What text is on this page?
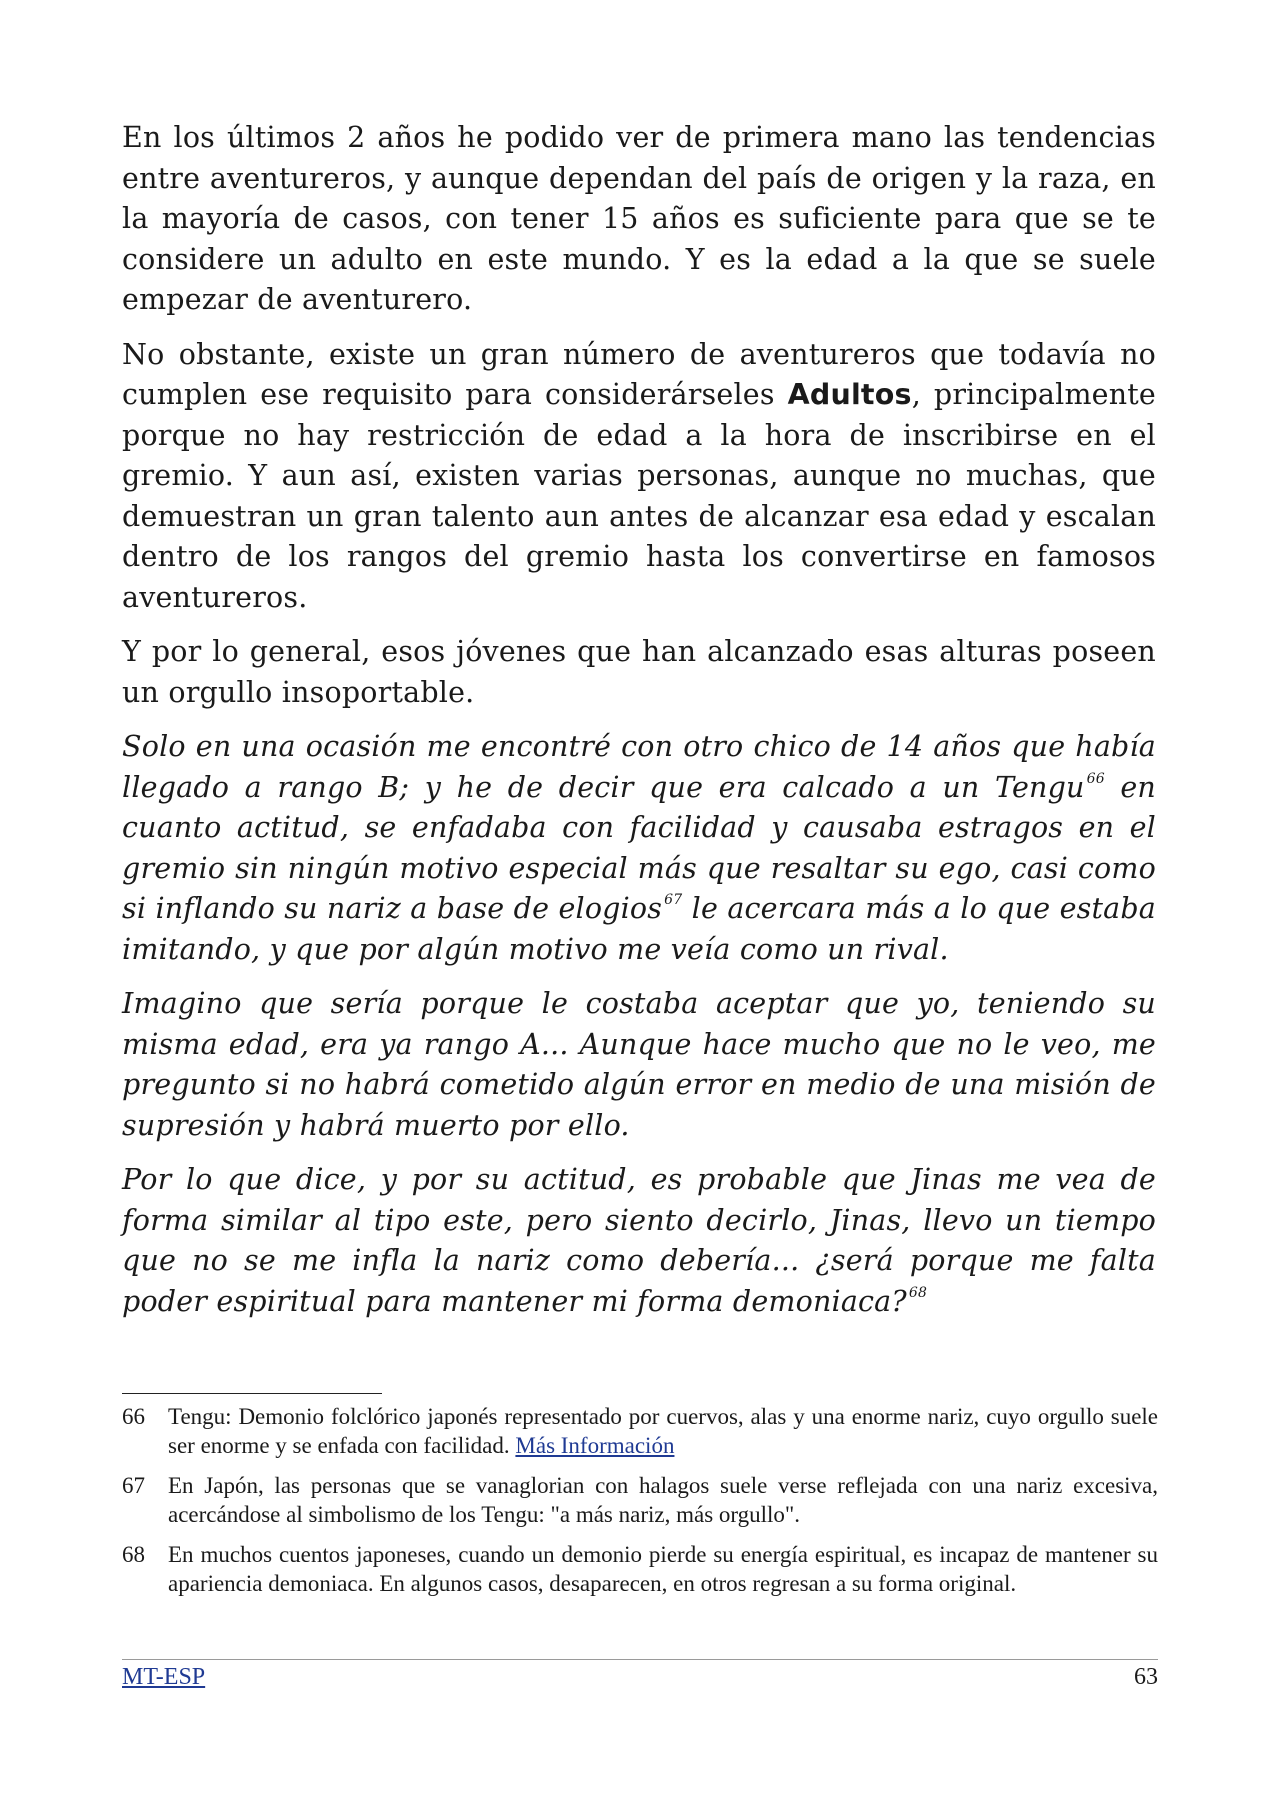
En los últimos 2 años he podido ver de primera mano las tendencias entre aventureros, y aunque dependan del país de origen y la raza, en la mayoría de casos, con tener 15 años es suficiente para que se te considere un adulto en este mundo. Y es la edad a la que se suele empezar de aventurero.

No obstante, existe un gran número de aventureros que todavía no cumplen ese requisito para considerárseles Adultos, principalmente porque no hay restricción de edad a la hora de inscribirse en el gremio. Y aun así, existen varias personas, aunque no muchas, que demuestran un gran talento aun antes de alcanzar esa edad y escalan dentro de los rangos del gremio hasta los convertirse en famosos aventureros.

Y por lo general, esos jóvenes que han alcanzado esas alturas poseen un orgullo insoportable.

Solo en una ocasión me encontré con otro chico de 14 años que había llegado a rango B; y he de decir que era calcado a un Tengu $^{66}$ en cuanto actitud, se enfadaba con facilidad y causaba estragos en el gremio sin ningún motivo especial más que resaltar su ego, casi como si inflando su nariz a base de elogios $^{67}$ le acercara más a lo que estaba imitando, y que por algún motivo me veía como un rival.

Imagino que sería porque le costaba aceptar que yo, teniendo su misma edad, era ya rango A... Aunque hace mucho que no le veo, me pregunto si no habrá cometido algún error en medio de una misión de supresión y habrá muerto por ello.

Por lo que dice, y por su actitud, es probable que Jinas me vea de forma similar al tipo este, pero siento decirlo, Jinas, llevo un tiempo que no se me infla la nariz como debería... ¿será porque me falta poder espiritual para mantener mi forma demoniaca? $^{68}$

66	Tengu: Demonio folclórico japonés representado por cuervos, alas y una enorme nariz, cuyo orgullo suele ser enorme y se enfada con facilidad. Más Información
67	En Japón, las personas que se vanaglorian con halagos suele verse reflejada con una nariz excesiva, acercándose al simbolismo de los Tengu: "a más nariz, más orgullo".
68	En muchos cuentos japoneses, cuando un demonio pierde su energía espiritual, es incapaz de mantener su apariencia demoniaca. En algunos casos, desaparecen, en otros regresan a su forma original.
MT-ESP	63
